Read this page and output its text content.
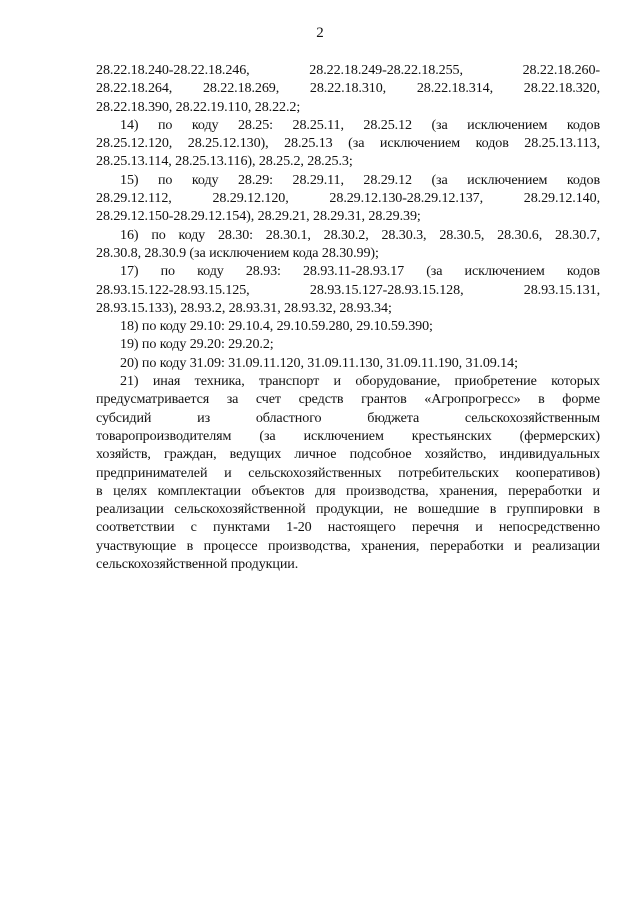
2
28.22.18.240-28.22.18.246, 28.22.18.249-28.22.18.255, 28.22.18.260-
28.22.18.264, 28.22.18.269, 28.22.18.310, 28.22.18.314, 28.22.18.320,
28.22.18.390, 28.22.19.110, 28.22.2;
14) по коду 28.25: 28.25.11, 28.25.12 (за исключением кодов
28.25.12.120, 28.25.12.130), 28.25.13 (за исключением кодов 28.25.13.113,
28.25.13.114, 28.25.13.116), 28.25.2, 28.25.3;
15) по коду 28.29: 28.29.11, 28.29.12 (за исключением кодов
28.29.12.112, 28.29.12.120, 28.29.12.130-28.29.12.137, 28.29.12.140,
28.29.12.150-28.29.12.154), 28.29.21, 28.29.31, 28.29.39;
16) по коду 28.30: 28.30.1, 28.30.2, 28.30.3, 28.30.5, 28.30.6, 28.30.7,
28.30.8, 28.30.9 (за исключением кода 28.30.99);
17) по коду 28.93: 28.93.11-28.93.17 (за исключением кодов
28.93.15.122-28.93.15.125, 28.93.15.127-28.93.15.128, 28.93.15.131,
28.93.15.133), 28.93.2, 28.93.31, 28.93.32, 28.93.34;
18) по коду 29.10: 29.10.4, 29.10.59.280, 29.10.59.390;
19) по коду 29.20: 29.20.2;
20) по коду 31.09: 31.09.11.120, 31.09.11.130, 31.09.11.190, 31.09.14;
21) иная техника, транспорт и оборудование, приобретение которых
предусматривается за счет средств грантов «Агропрогресс» в форме
субсидий из областного бюджета сельскохозяйственным
товаропроизводителям (за исключением крестьянских (фермерских)
хозяйств, граждан, ведущих личное подсобное хозяйство, индивидуальных
предпринимателей и сельскохозяйственных потребительских кооперативов)
в целях комплектации объектов для производства, хранения, переработки и
реализации сельскохозяйственной продукции, не вошедшие в группировки в
соответствии с пунктами 1-20 настоящего перечня и непосредственно
участвующие в процессе производства, хранения, переработки и реализации
сельскохозяйственной продукции.
